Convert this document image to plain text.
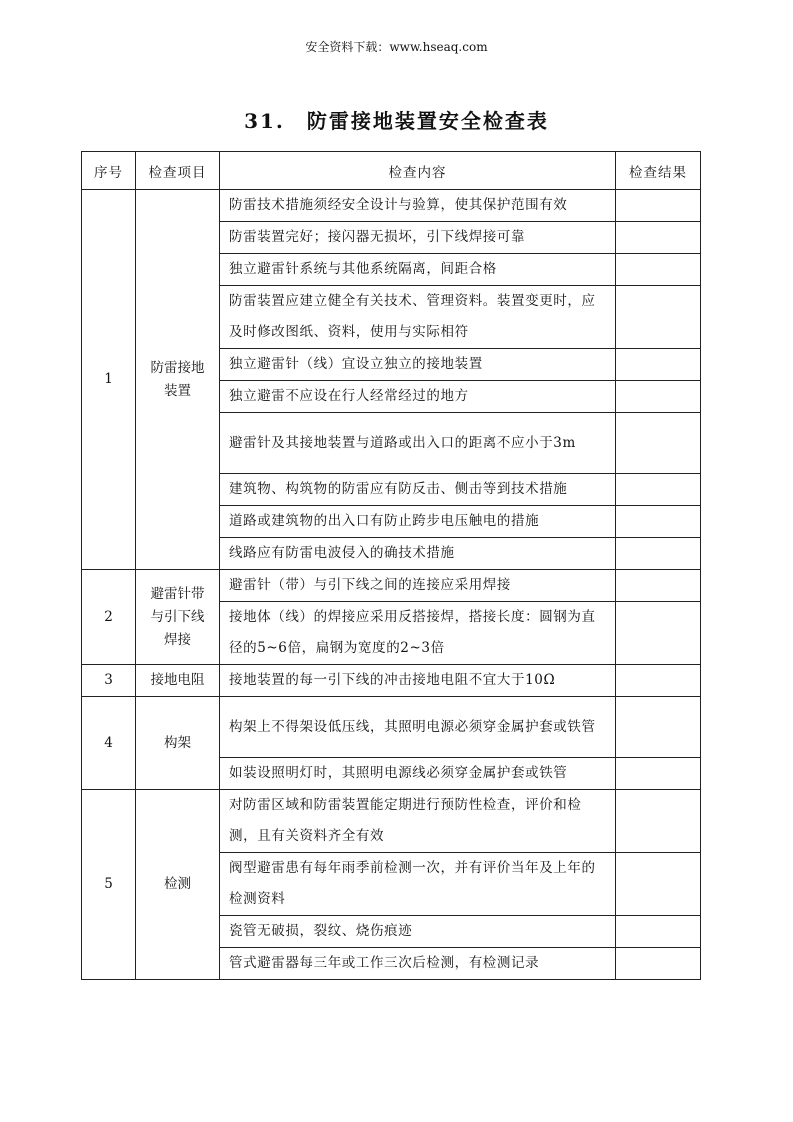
安全资料下载：www.hseaq.com
31. 防雷接地装置安全检查表
序号	检查项目	检查内容	检查结果
1	防雷接地装置	防雷技术措施须经安全设计与验算，使其保护范围有效	
		防雷装置完好；接闪器无损坏，引下线焊接可靠	
		独立避雷针系统与其他系统隔离，间距合格	
		防雷装置应建立健全有关技术、管理资料。装置变更时，应及时修改图纸、资料，使用与实际相符	
		独立避雷针（线）宜设立独立的接地装置	
		独立避雷不应设在行人经常经过的地方	
		避雷针及其接地装置与道路或出入口的距离不应小于3m	
		建筑物、构筑物的防雷应有防反击、侧击等到技术措施	
		道路或建筑物的出入口有防止跨步电压触电的措施	
		线路应有防雷电波侵入的确技术措施	
2	避雷针带与引下线焊接	避雷针（带）与引下线之间的连接应采用焊接	
		接地体（线）的焊接应采用反搭接焊，搭接长度：圆钢为直径的5~6倍，扁钢为宽度的2~3倍	
3	接地电阻	接地装置的每一引下线的冲击接地电阻不宜大于10Ω	
4	构架	构架上不得架设低压线，其照明电源必须穿金属护套或铁管	
		如装设照明灯时，其照明电源线必须穿金属护套或铁管	
5	检测	对防雷区域和防雷装置能定期进行预防性检查，评价和检测，且有关资料齐全有效	
		阀型避雷患有每年雨季前检测一次，并有评价当年及上年的检测资料	
		瓷管无破损，裂纹、烧伤痕迹	
		管式避雷器每三年或工作三次后检测，有检测记录	
